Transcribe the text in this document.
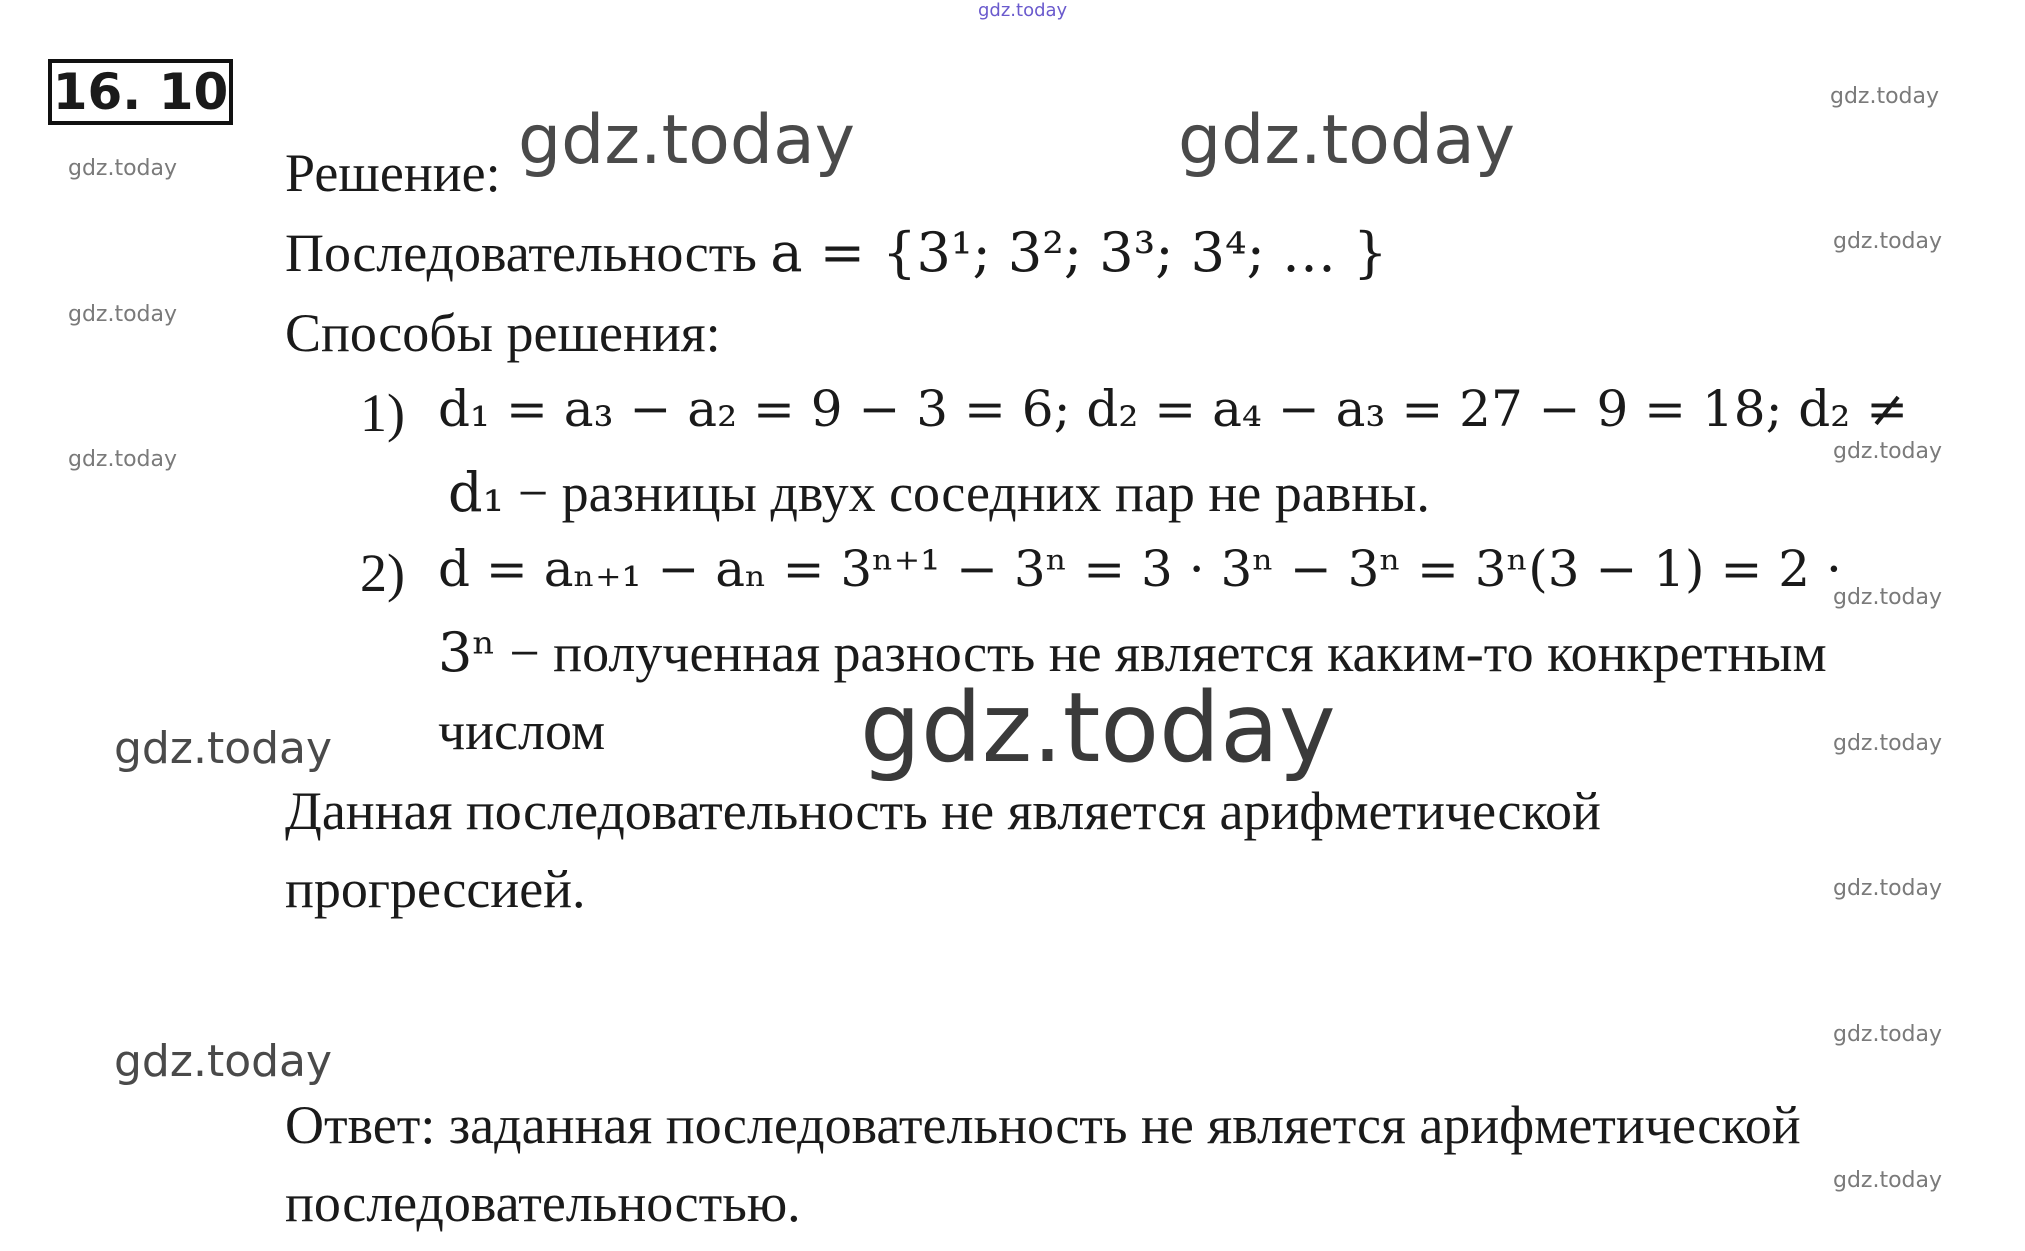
gdz.today
gdz.today
gdz.today
gdz.today
gdz.today
gdz.today	gdz.today
gdz.today
gdz.today
gdz.today
gdz.today
gdz.today
gdz.today	gdz.today
gdz.today
gdz.today
gdz.today
16. 10
Решение:
Последовательность a = {3¹; 3²; 3³; 3⁴; … }
Способы решения:
1) d₁ = a₃ − a₂ = 9 − 3 = 6; d₂ = a₄ − a₃ = 27 − 9 = 18; d₂ ≠
d₁ − разницы двух соседних пар не равны.
2) d = aₙ₊₁ − aₙ = 3ⁿ⁺¹ − 3ⁿ = 3 · 3ⁿ − 3ⁿ = 3ⁿ(3 − 1) = 2 ·
3ⁿ − полученная разность не является каким-то конкретным
числом
Данная последовательность не является арифметической
прогрессией.
Ответ: заданная последовательность не является арифметической
последовательностью.
